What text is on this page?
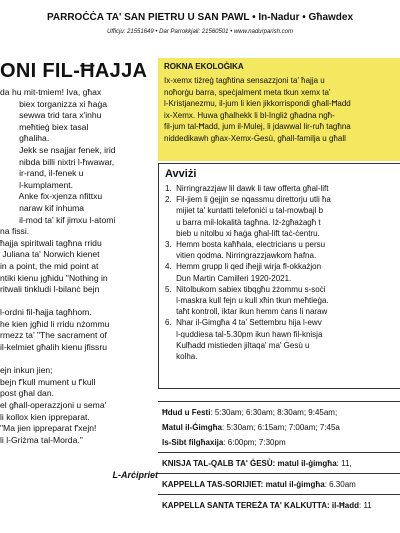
PARROĊĊA TA' SAN PIETRU U SAN PAWL • In-Nadur • Għawdex
Uffiċju: 21551649 • Dar Parrokkjali: 21560501 • www.nadurparish.com
ONI FIL-ĦAJJA
da hu mit-tmiem! Iva, għax
biex torganizza xi ħaġa
sewwa trid tara x'inhu
meħtieġ biex tasal
għalihа.
Jekk se nsajjar fenek, irid
nibda billi nixtri l-ħwawar,
ir-rand, il-fenek u
l-kumplament.
Anke fix-xjenza nfittxu
naraw kif inhuma
il-mod ta' kif jimxu l-atomi
na fissi.
ħajja spiritwali tagħna rridu
Juliana ta' Norwich kienet
in a point, the mid point at
ntiki kienu jgħidu "Nothing in
ritwali tinkludi l-bilanċ bejn

l-ordni fil-ħajja tagħhom.
he kien jgħid li rridu nżommu
rmezz ta' "The sacrament of
il-kelmiet għalih kienu jfissru

ejn inkun jien;
bejn f'kull mument u f'kull
post għal dan.
el għall-operazzjoni u sema'
li kollox kien ippreparat.
"Ma jien ippreparat f'xejn!
li l-Griżma tal-Morda."
L-Arċipriet
ROKNA EKOLOĠIKA
Ix-xemx tiżreġ tagħtina sensazzjoni ta' ħajja u
noħorġu barra, speċjalment meta tkun xemx ta'
l-Kristjanezmu, il-jum li kien jikkorrispondi għall-Ħadd
ix-Xemx. Huwa għalhekk li bl-Ingliż għadna ngħ-
fil-jum tal-Ħadd, jum il-Mulej, li jdawwal lir-ruħ tagħna
niddedikawh għax-Xemx-Ġesù, għall-familja u għall
Avviżi
1.  Nirringrazzjaw lil dawk li taw offerta għal-lift
2.  Fil-jiem li ġejjin se nqassmu direttorju utli ħa
mijiet ta' kuntatti telefoniċi u tal-mowbajl b
u barra mil-lokalità tagħna. Iż-żgħażagħ t
bieb u nitolbu xi ħaġa għal-lift taċ-ċentru.
3.  Hemm bosta kaħħala, electricians u persu
vitien qodma. Nirringrazzjawkom ħafna.
4.  Hemm grupp li qed iħejji wirja fl-okkażjon
Dun Martin Camilleri 1920-2021.
5.  Nitolbukom sabiex tibqgħu żżommu s-soċi
l-maskra kull fejn u kull xħin tkun meħtieġa.
taħt kontroll, iktar ikun hemm ċans li naraw
6.  Nhar il-Ġimgħa 4 ta' Settembru hija l-ewv
l-quddiesa tal-5.30pm ikun hawn fil-knisja
Kulħadd mistieden jiltaqa' ma' Ġesù u
kolha.
Ħdud u Festi: 5:30am; 6:30am; 8:30am; 9:45am;
Matul il-Ġimgħa: 5:30am; 6:15am; 7:00am; 7:45a
Is-Sibt filgħaxija: 6:00pm; 7:30pm
KNISJA TAL-QALB TA' ĠESÙ: matul il-ġimgħa: 11,
KAPPELLA TAS-SORIJIET: matul il-ġimgħa: 6.30am
KAPPELLA SANTA TEREŻA TA' KALKUTTA: il-Ħadd: 11
